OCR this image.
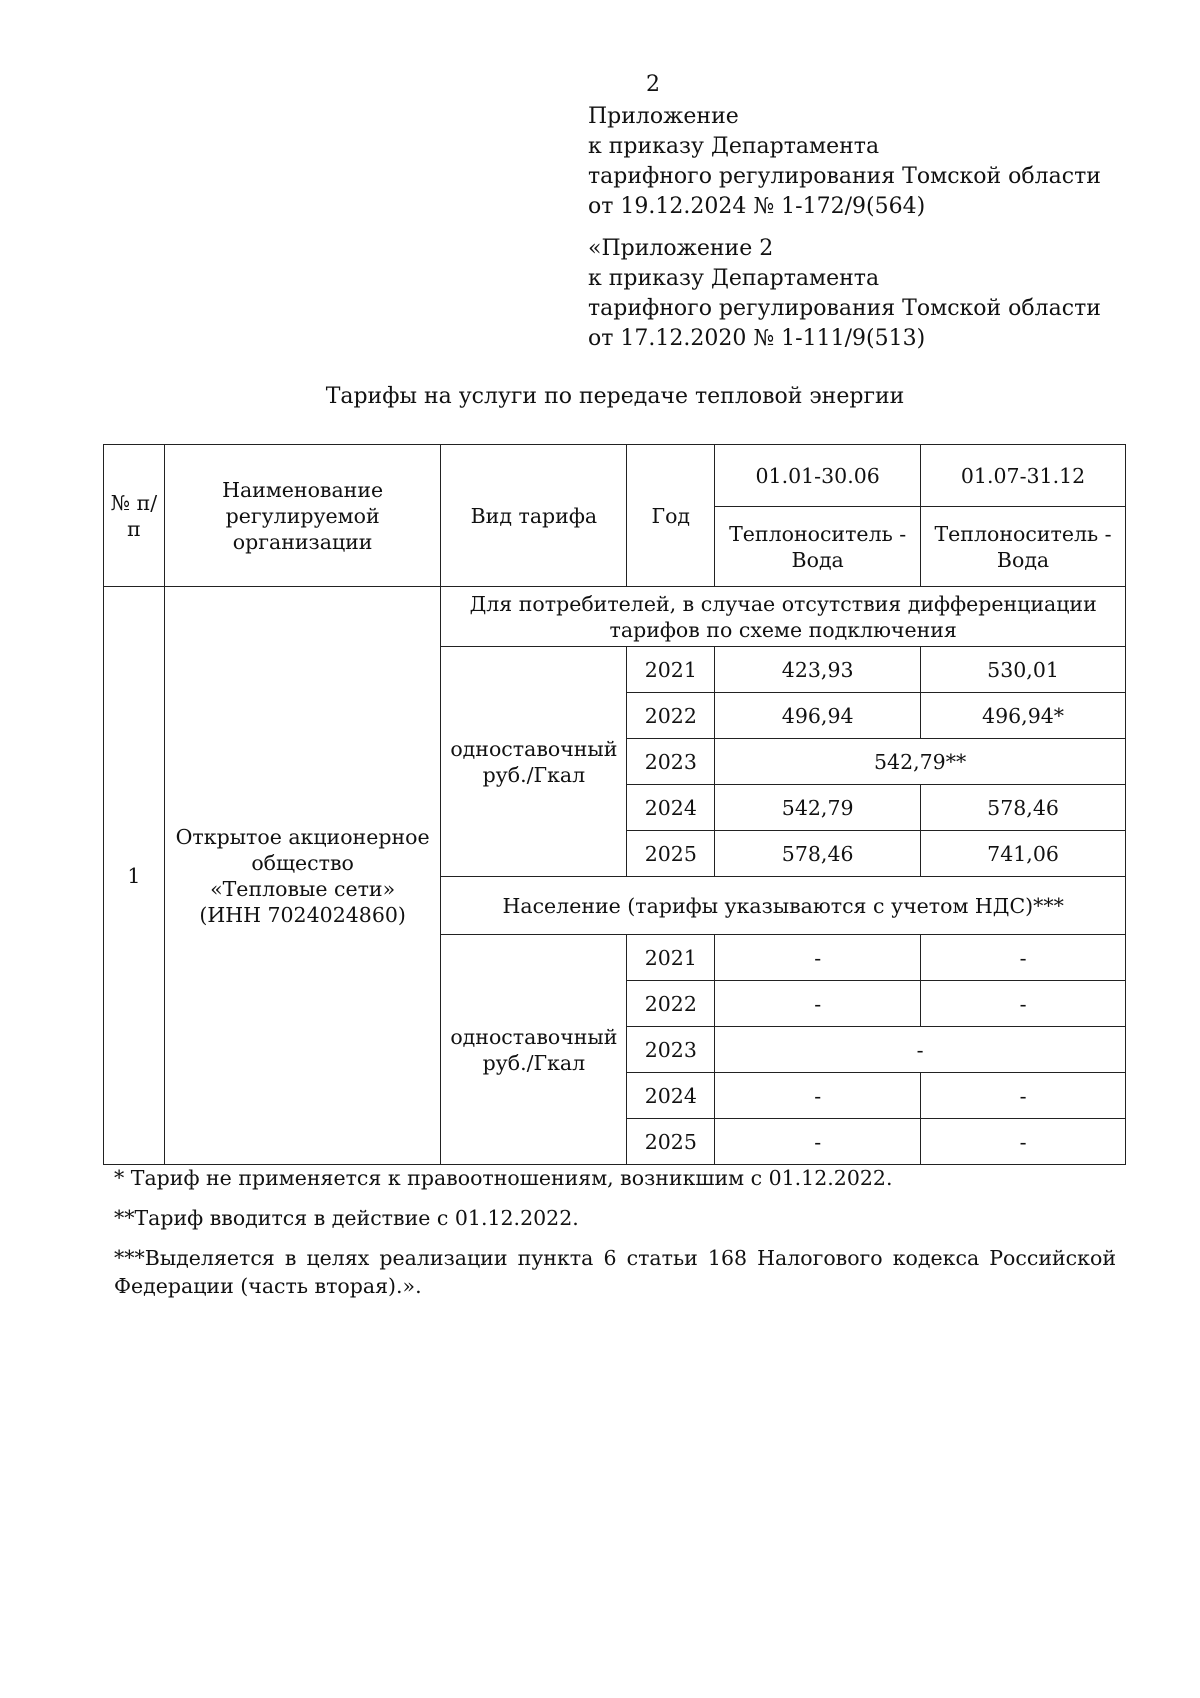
2
Приложение
к приказу Департамента
тарифного регулирования Томской области
от 19.12.2024 № 1-172/9(564)
«Приложение 2
к приказу Департамента
тарифного регулирования Томской области
от 17.12.2020 № 1-111/9(513)
Тарифы на услуги по передаче тепловой энергии
№ п/п	Наименование регулируемой организации	Вид тарифа	Год	01.01-30.06	01.07-31.12
				Теплоноситель - Вода	Теплоноситель - Вода
1	Открытое акционерное
общество
«Тепловые сети»
(ИНН 7024024860)	Для потребителей, в случае отсутствия дифференциации тарифов по схеме подключения			

		одноставочный
руб./Гкал	2021	423,93	530,01
			2022	496,94	496,94*
			2023	542,79**	
			2024	542,79	578,46
			2025	578,46	741,06
		Население (тарифы указываются с учетом НДС)***			

		одноставочный
руб./Гкал	2021	-	-
			2022	-	-
			2023	-	
			2024	-	-
			2025	-	-

* Тариф не применяется к правоотношениям, возникшим с 01.12.2022.

**Тариф вводится в действие с 01.12.2022.

***Выделяется в целях реализации пункта 6 статьи 168 Налогового кодекса Российской Федерации (часть вторая).».
